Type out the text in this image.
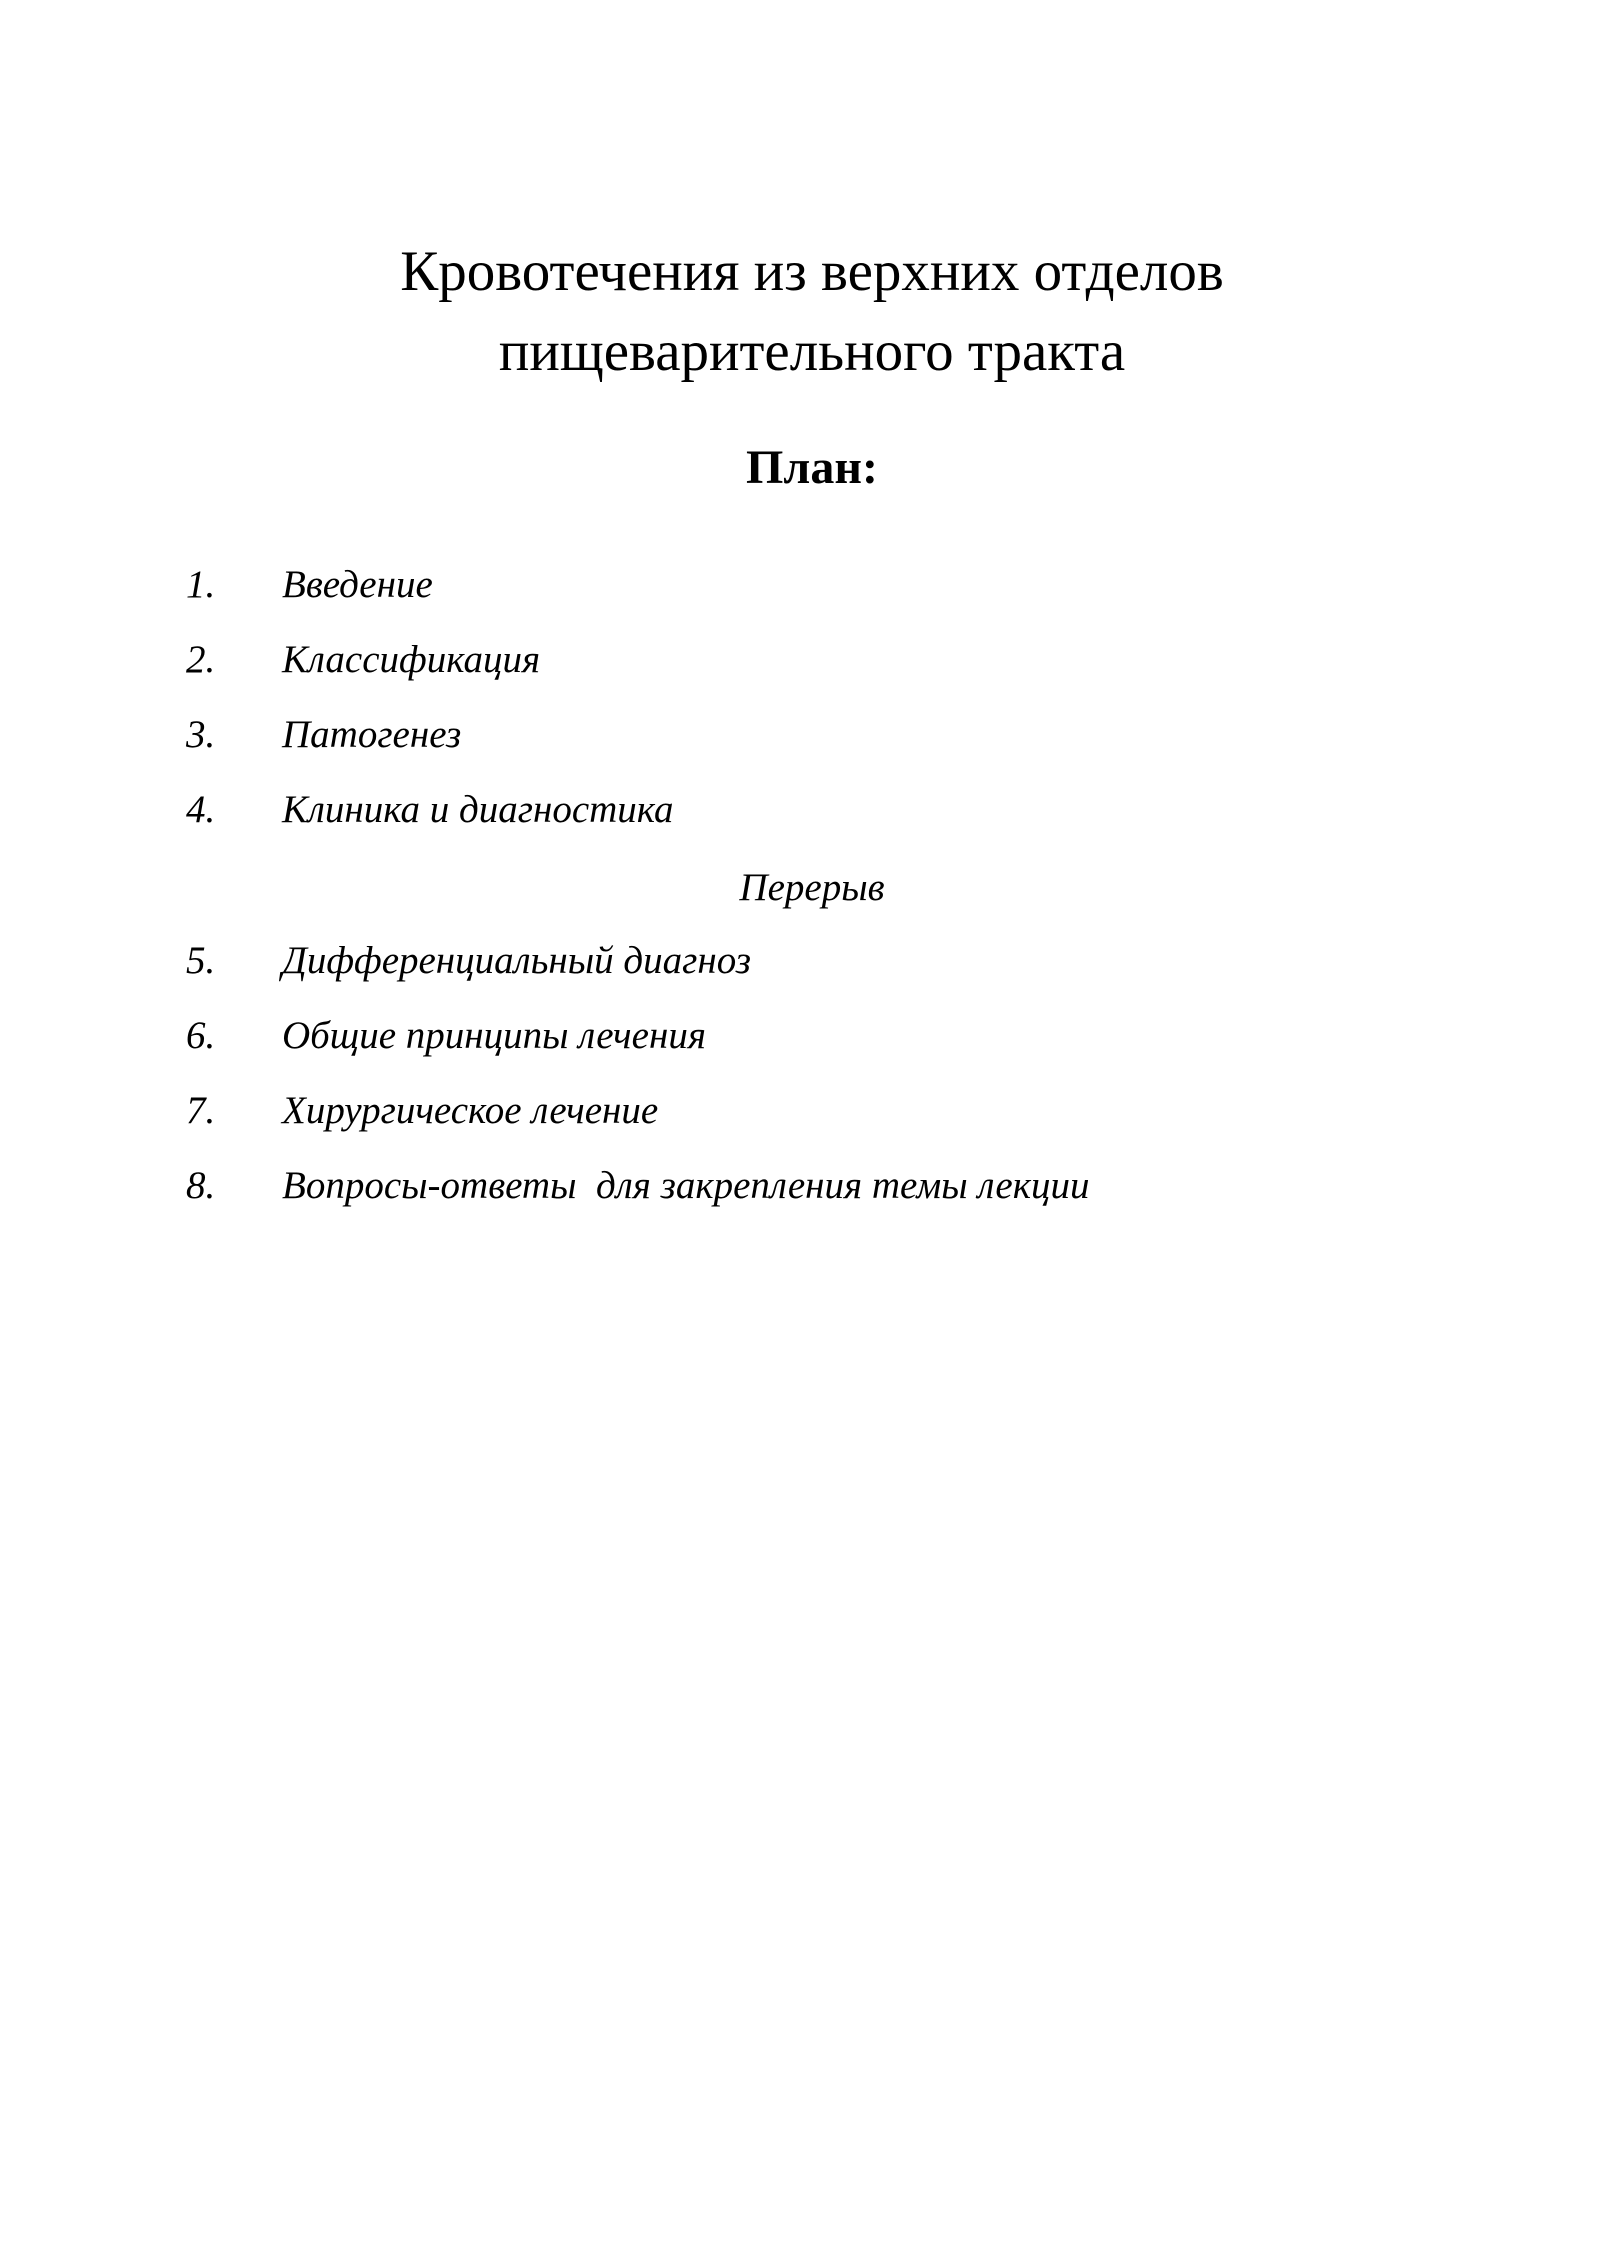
Кровотечения из верхних отделов
пищеварительного тракта
План:
1. Введение
2. Классификация
3. Патогенез
4. Клиника и диагностика
5. Дифференциальный диагноз
6. Общие принципы лечения
7. Хирургическое лечение
8. Вопросы-ответы  для закрепления темы лекции
Перерыв
